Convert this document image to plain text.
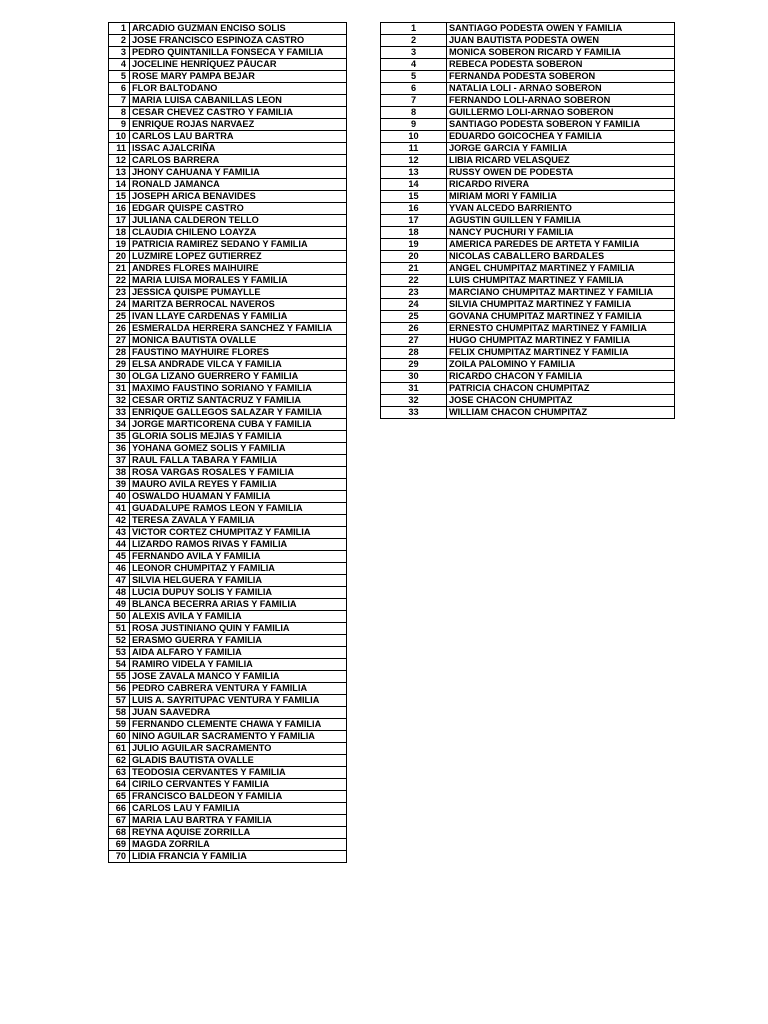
1	ARCADIO GUZMAN ENCISO SOLIS
2	JOSE FRANCISCO ESPINOZA CASTRO
3	PEDRO QUINTANILLA FONSECA Y FAMILIA
4	JOCELINE HENRÍQUEZ PÁUCAR
5	ROSE MARY PAMPA BEJAR
6	FLOR BALTODANO
7	MARIA LUISA CABANILLAS LEON
8	CESAR CHEVEZ CASTRO Y FAMILIA
9	ENRIQUE ROJAS NARVAEZ
10	CARLOS LAU BARTRA
11	ISSAC AJALCRIÑA
12	CARLOS BARRERA
13	JHONY CAHUANA Y FAMILIA
14	RONALD JAMANCA
15	JOSEPH ARICA BENAVIDES
16	EDGAR QUISPE CASTRO
17	JULIANA CALDERON TELLO
18	CLAUDIA CHILENO LOAYZA
19	PATRICIA RAMIREZ SEDANO Y FAMILIA
20	LUZMIRE LOPEZ GUTIERREZ
21	ANDRES FLORES MAIHUIRE
22	MARIA LUISA MORALES Y FAMILIA
23	JESSICA QUISPE PUMAYLLE
24	MARITZA BERROCAL NAVEROS
25	IVAN LLAYE CARDENAS Y FAMILIA
26	ESMERALDA HERRERA SANCHEZ Y FAMILIA
27	MONICA BAUTISTA OVALLE
28	FAUSTINO MAYHUIRE FLORES
29	ELSA ANDRADE VILCA Y FAMILIA
30	OLGA LIZANO GUERRERO Y FAMILIA
31	MAXIMO FAUSTINO SORIANO Y FAMILIA
32	CESAR ORTIZ SANTACRUZ Y FAMILIA
33	ENRIQUE GALLEGOS SALAZAR Y FAMILIA
34	JORGE MARTICORENA CUBA Y FAMILIA
35	GLORIA SOLIS MEJIAS Y FAMILIA
36	YOHANA GOMEZ SOLIS Y FAMILIA
37	RAUL FALLA TABARA Y FAMILIA
38	ROSA VARGAS ROSALES Y FAMILIA
39	MAURO AVILA REYES Y FAMILIA
40	OSWALDO HUAMAN Y FAMILIA
41	GUADALUPE RAMOS LEON Y FAMILIA
42	TERESA ZAVALA Y FAMILIA
43	VICTOR CORTEZ CHUMPITAZ Y FAMILIA
44	LIZARDO RAMOS RIVAS Y FAMILIA
45	FERNANDO AVILA Y FAMILIA
46	LEONOR CHUMPITAZ Y FAMILIA
47	SILVIA HELGUERA Y FAMILIA
48	LUCIA DUPUY SOLIS Y FAMILIA
49	BLANCA BECERRA ARIAS Y FAMILIA
50	ALEXIS AVILA Y FAMILIA
51	ROSA JUSTINIANO QUIN Y FAMILIA
52	ERASMO GUERRA Y FAMILIA
53	AIDA ALFARO Y FAMILIA
54	RAMIRO VIDELA Y FAMILIA
55	JOSE ZAVALA MANCO Y FAMILIA
56	PEDRO CABRERA VENTURA Y FAMILIA
57	LUIS A. SAYRITUPAC VENTURA Y FAMILIA
58	JUAN SAAVEDRA
59	FERNANDO CLEMENTE CHAWA Y FAMILIA
60	NINO AGUILAR SACRAMENTO Y FAMILIA
61	JULIO AGUILAR SACRAMENTO
62	GLADIS BAUTISTA OVALLE
63	TEODOSIA CERVANTES Y FAMILIA
64	CIRILO CERVANTES Y FAMILIA
65	FRANCISCO BALDEON Y FAMILIA
66	CARLOS LAU Y FAMILIA
67	MARIA LAU BARTRA Y FAMILIA
68	REYNA AQUISE ZORRILLA
69	MAGDA ZORRILA
70	LIDIA FRANCIA Y FAMILIA
1	SANTIAGO PODESTA OWEN Y FAMILIA
2	JUAN BAUTISTA PODESTA OWEN
3	MONICA SOBERON RICARD Y FAMILIA
4	REBECA PODESTA SOBERON
5	FERNANDA PODESTA SOBERON
6	NATALIA LOLI - ARNAO SOBERON
7	FERNANDO LOLI-ARNAO SOBERON
8	GUILLERMO LOLI-ARNAO SOBERON
9	SANTIAGO PODESTA SOBERON Y FAMILIA
10	EDUARDO GOICOCHEA Y FAMILIA
11	JORGE GARCIA Y FAMILIA
12	LIBIA RICARD VELASQUEZ
13	RUSSY OWEN DE PODESTA
14	RICARDO RIVERA
15	MIRIAM MORI Y FAMILIA
16	YVAN ALCEDO BARRIENTO
17	AGUSTIN GUILLEN Y FAMILIA
18	NANCY PUCHURI Y FAMILIA
19	AMERICA PAREDES DE ARTETA Y FAMILIA
20	NICOLAS CABALLERO BARDALES
21	ANGEL CHUMPITAZ MARTINEZ Y FAMILIA
22	LUIS CHUMPITAZ MARTINEZ Y FAMILIA
23	MARCIANO CHUMPITAZ MARTINEZ Y FAMILIA
24	SILVIA CHUMPITAZ MARTINEZ Y FAMILIA
25	GOVANA CHUMPITAZ MARTINEZ Y FAMILIA
26	ERNESTO CHUMPITAZ MARTINEZ Y FAMILIA
27	HUGO CHUMPITAZ MARTINEZ Y FAMILIA
28	FELIX CHUMPITAZ MARTINEZ Y FAMILIA
29	ZOILA PALOMINO Y FAMILIA
30	RICARDO CHACON Y FAMILIA
31	PATRICIA CHACON CHUMPITAZ
32	JOSE CHACON CHUMPITAZ
33	WILLIAM CHACON CHUMPITAZ
